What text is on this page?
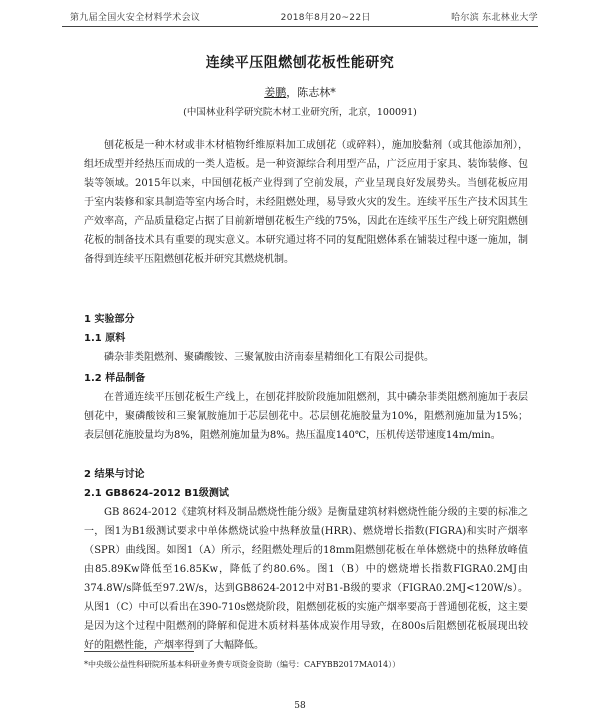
第九届全国火安全材料学术会议	2018年8月20~22日	哈尔滨 东北林业大学
连续平压阻燃刨花板性能研究
姜鹏，陈志林*
(中国林业科学研究院木材工业研究所，北京，100091)

刨花板是一种木材或非木材植物纤维原料加工成刨花（或碎料），施加胶黏剂（或其他添加剂），组坯成型并经热压而成的一类人造板。是一种资源综合利用型产品，广泛应用于家具、装饰装修、包装等领域。2015年以来，中国刨花板产业得到了空前发展，产业呈现良好发展势头。当刨花板应用于室内装修和家具制造等室内场合时，未经阻燃处理，易导致火灾的发生。连续平压生产技术因其生产效率高，产品质量稳定占据了目前新增刨花板生产线的75%，因此在连续平压生产线上研究阻燃刨花板的制备技术具有重要的现实意义。本研究通过将不同的复配阻燃体系在铺装过程中逐一施加，制备得到连续平压阻燃刨花板并研究其燃烧机制。

1 实验部分
1.1 原料

磷杂菲类阻燃剂、聚磷酸铵、三聚氰胺由济南泰星精细化工有限公司提供。

1.2 样品制备

在普通连续平压刨花板生产线上，在刨花拌胶阶段施加阻燃剂，其中磷杂菲类阻燃剂施加于表层刨花中，聚磷酸铵和三聚氰胺施加于芯层刨花中。芯层刨花施胶量为10%，阻燃剂施加量为15%；表层刨花施胶量均为8%，阻燃剂施加量为8%。热压温度140℃，压机传送带速度14m/min。

2 结果与讨论
2.1 GB8624-2012 B1级测试

GB 8624-2012《建筑材料及制品燃烧性能分级》是衡量建筑材料燃烧性能分级的主要的标准之一，图1为B1级测试要求中单体燃烧试验中热释放量(HRR)、燃烧增长指数(FIGRA)和实时产烟率（SPR）曲线图。如图1（A）所示，经阻燃处理后的18mm阻燃刨花板在单体燃烧中的热释放峰值由85.89Kw降低至16.85Kw，降低了约80.6%。图1（B）中的燃烧增长指数FIGRA0.2MJ由374.8W/s降低至97.2W/s，达到GB8624-2012中对B1-B级的要求（FIGRA0.2MJ<120W/s）。从图1（C）中可以看出在390-710s燃烧阶段，阻燃刨花板的实施产烟率要高于普通刨花板，这主要是因为这个过程中阻燃剂的降解和促进木质材料基体成炭作用导致，在800s后阻燃刨花板展现出较好的阻燃性能，产烟率得到了大幅降低。

*中央级公益性科研院所基本科研业务费专项资金资助（编号：CAFYBB2017MA014））
58
